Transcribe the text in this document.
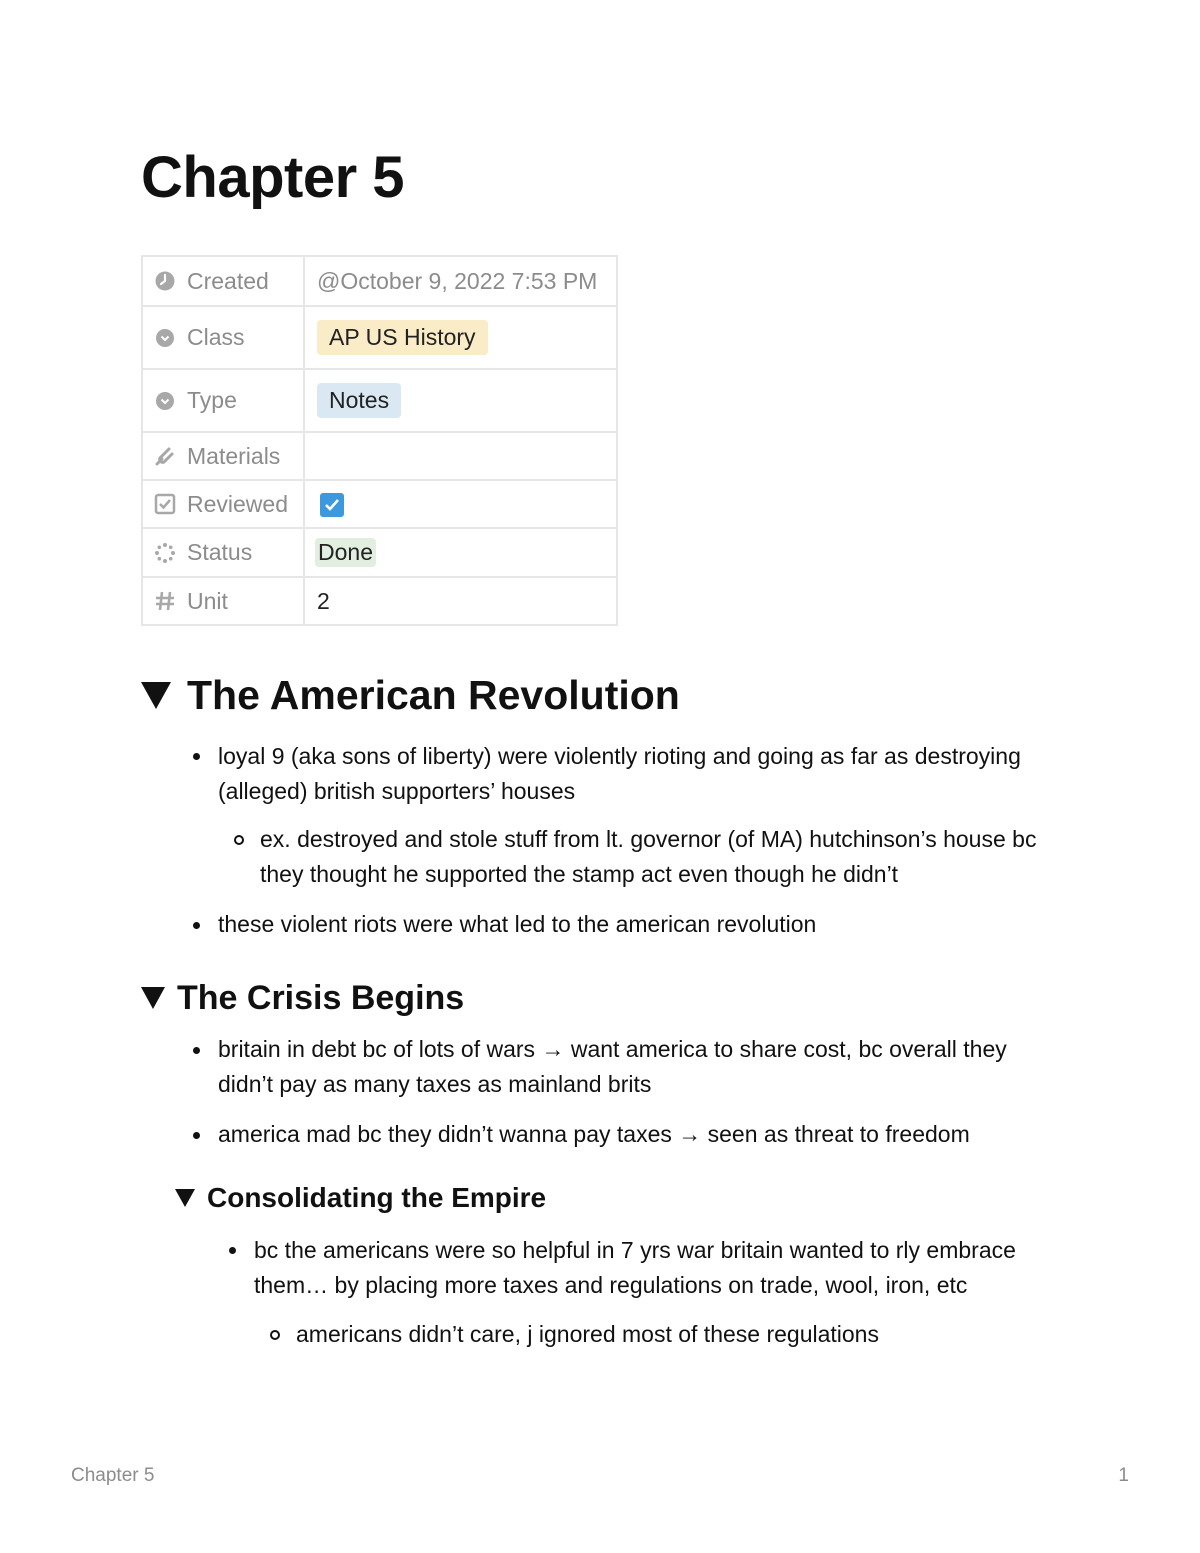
Chapter 5
Created	@October 9, 2022 7:53 PM

Class	AP US History

Type	Notes

Materials	

Reviewed

Status	Done

Unit	2
The American Revolution

loyal 9 (aka sons of liberty) were violently rioting and going as far as destroying
(alleged) british supporters’ houses

ex. destroyed and stole stuff from lt. governor (of MA) hutchinson’s house bc
they thought he supported the stamp act even though he didn’t

these violent riots were what led to the american revolution

The Crisis Begins

britain in debt bc of lots of wars → want america to share cost, bc overall they
didn’t pay as many taxes as mainland brits

america mad bc they didn’t wanna pay taxes → seen as threat to freedom

Consolidating the Empire

bc the americans were so helpful in 7 yrs war britain wanted to rly embrace
them… by placing more taxes and regulations on trade, wool, iron, etc

americans didn’t care, j ignored most of these regulations

Chapter 5	1
